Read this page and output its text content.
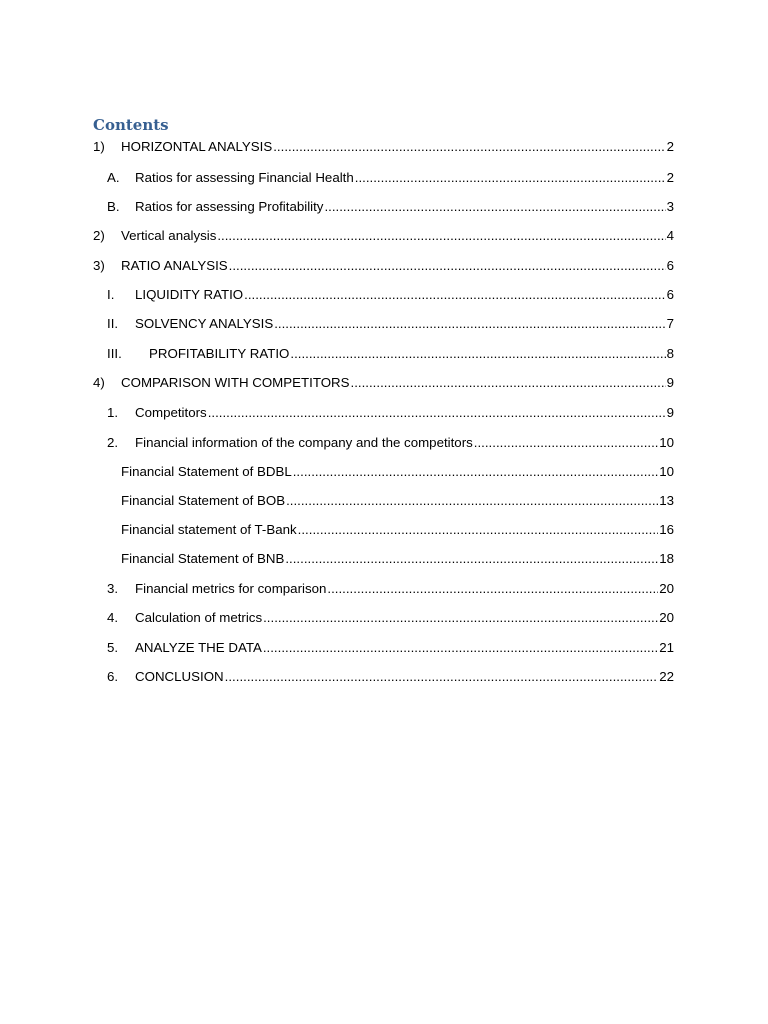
Contents
1)	HORIZONTAL ANALYSIS .....	2
A.	Ratios for assessing Financial Health .....	2
B.	Ratios for assessing Profitability .....	3
2)	Vertical analysis .....	4
3)	RATIO ANALYSIS .....	6
I.	LIQUIDITY RATIO .....	6
II.	SOLVENCY ANALYSIS .....	7
III.	PROFITABILITY RATIO .....	8
4)	COMPARISON WITH COMPETITORS .....	9
1.	Competitors .....	9
2.	Financial information of the company and the competitors .....	10
Financial Statement of BDBL .....	10
Financial Statement of BOB .....	13
Financial statement of T-Bank .....	16
Financial Statement of BNB .....	18
3.	Financial metrics for comparison .....	20
4.	Calculation of metrics .....	20
5.	ANALYZE THE DATA .....	21
6.	CONCLUSION .....	22
